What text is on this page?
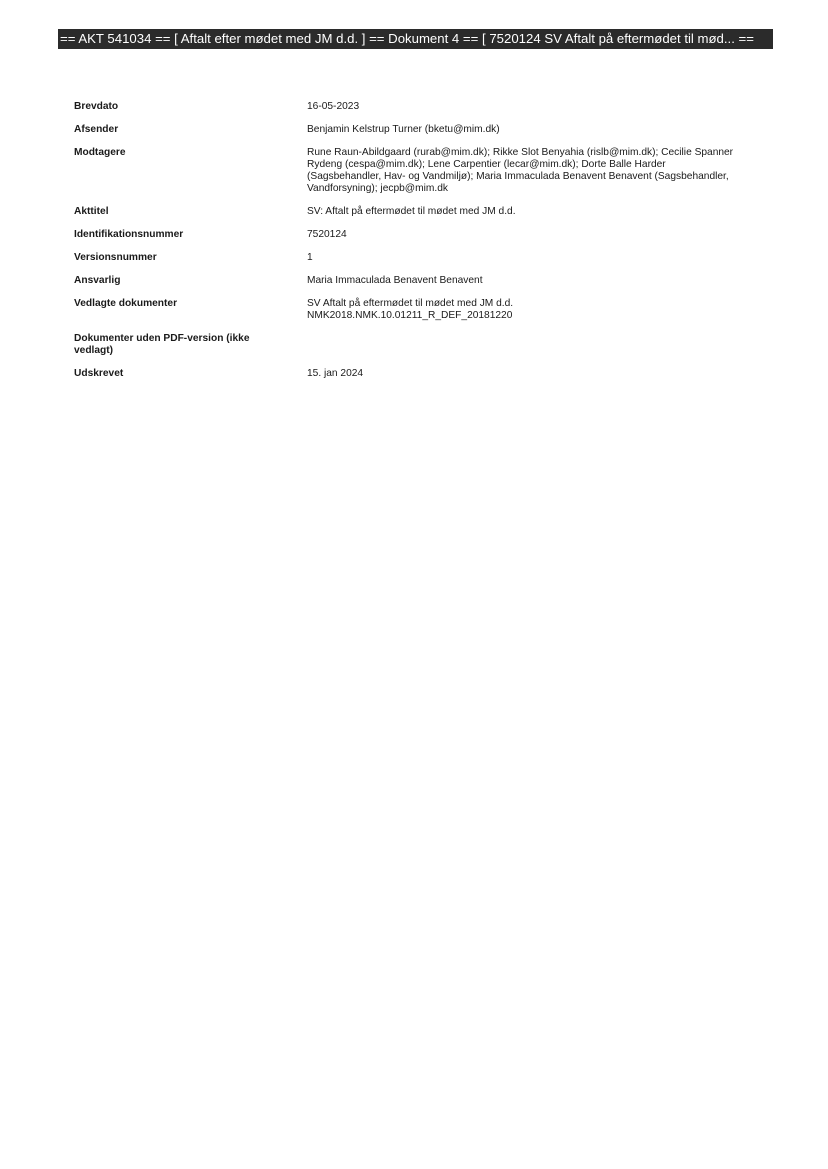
== AKT 541034 == [ Aftalt efter mødet med JM d.d. ] == Dokument 4 == [ 7520124 SV Aftalt på eftermødet til mød... ==
Brevdato	16-05-2023
Afsender	Benjamin Kelstrup Turner (bketu@mim.dk)
Modtagere	Rune Raun-Abildgaard (rurab@mim.dk); Rikke Slot Benyahia (rislb@mim.dk); Cecilie Spanner
Rydeng (cespa@mim.dk); Lene Carpentier (lecar@mim.dk); Dorte Balle Harder
(Sagsbehandler, Hav- og Vandmiljø); Maria Immaculada Benavent Benavent (Sagsbehandler,
Vandforsyning); jecpb@mim.dk
Akttitel	SV: Aftalt på eftermødet til mødet med JM d.d.
Identifikationsnummer	7520124
Versionsnummer	1
Ansvarlig	Maria Immaculada Benavent Benavent
Vedlagte dokumenter	SV Aftalt på eftermødet til mødet med JM d.d.
NMK2018.NMK.10.01211_R_DEF_20181220
Dokumenter uden PDF-version (ikke
vedlagt)
Udskrevet	15. jan 2024
